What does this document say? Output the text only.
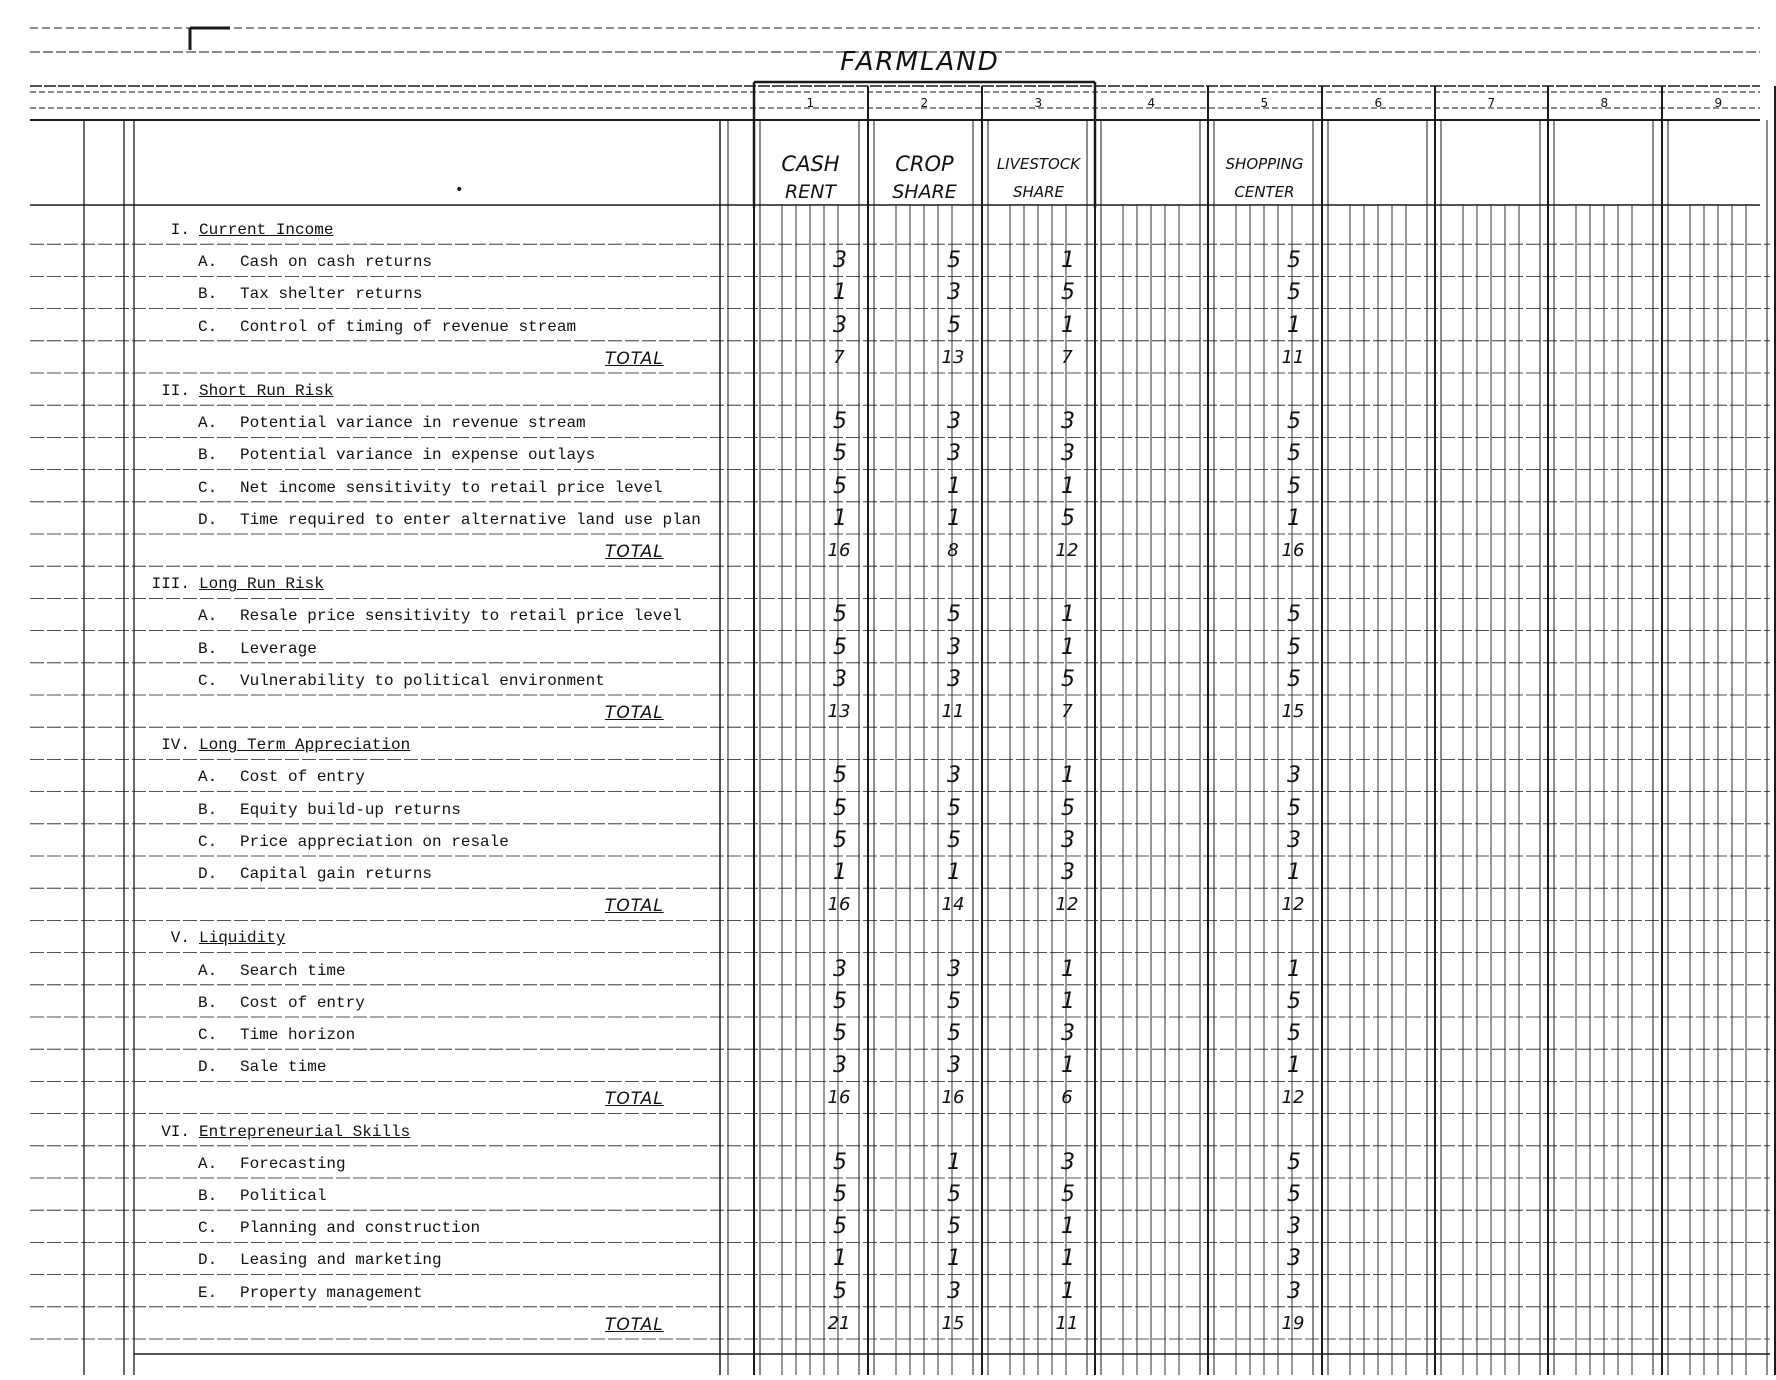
FARMLAND
1	2	3	4	5	6	7	8	9
CASH
RENT
CROP
SHARE
LIVESTOCK
SHARE
SHOPPING
CENTER
•
I. Current Income
A. Cash on cash returns	3	5	1	5
B. Tax shelter returns	1	3	5	5
C. Control of timing of revenue stream	3	5	1	1
TOTAL	7	13	7	11
II. Short Run Risk
A. Potential variance in revenue stream	5	3	3	5
B. Potential variance in expense outlays	5	3	3	5
C. Net income sensitivity to retail price level	5	1	1	5
D. Time required to enter alternative land use plan	1	1	5	1
TOTAL	16	8	12	16
III. Long Run Risk
A. Resale price sensitivity to retail price level	5	5	1	5
B. Leverage	5	3	1	5
C. Vulnerability to political environment	3	3	5	5
TOTAL	13	11	7	15
IV. Long Term Appreciation
A. Cost of entry	5	3	1	3
B. Equity build-up returns	5	5	5	5
C. Price appreciation on resale	5	5	3	3
D. Capital gain returns	1	1	3	1
TOTAL	16	14	12	12
V. Liquidity
A. Search time	3	3	1	1
B. Cost of entry	5	5	1	5
C. Time horizon	5	5	3	5
D. Sale time	3	3	1	1
TOTAL	16	16	6	12
VI. Entrepreneurial Skills
A. Forecasting	5	1	3	5
B. Political	5	5	5	5
C. Planning and construction	5	5	1	3
D. Leasing and marketing	1	1	1	3
E. Property management	5	3	1	3
TOTAL	21	15	11	19
